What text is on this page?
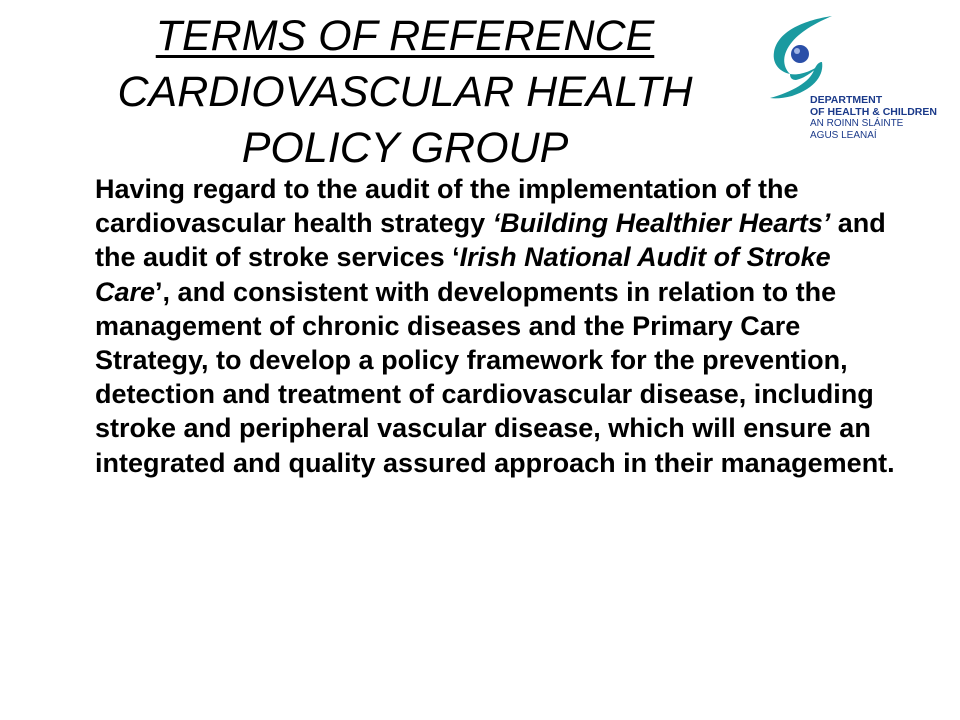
TERMS OF REFERENCE
CARDIOVASCULAR HEALTH
POLICY GROUP
DEPARTMENT
OF HEALTH & CHILDREN
AN ROINN SLÁINTE
AGUS LEANAÍ

Having regard to the audit of the implementation of the cardiovascular health strategy ‘Building Healthier Hearts’ and the audit of stroke services ‘Irish National Audit of Stroke Care’, and consistent with developments in relation to the management of chronic diseases and the Primary Care Strategy, to develop a policy framework for the prevention, detection and treatment of cardiovascular disease, including stroke and peripheral vascular disease, which will ensure an integrated and quality assured approach in their management.
